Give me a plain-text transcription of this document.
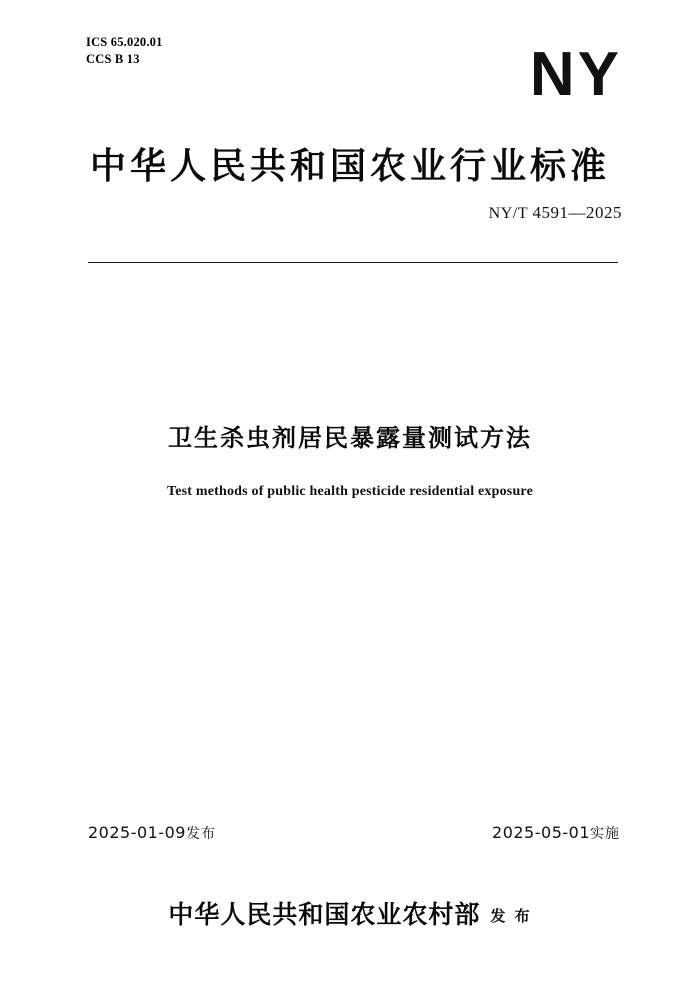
ICS 65.020.01
CCS B 13	NY
中华人民共和国农业行业标准
NY/T 4591—2025
卫生杀虫剂居民暴露量测试方法
Test methods of public health pesticide residential exposure
2025-01-09发布	2025-05-01实施
中华人民共和国农业农村部 发 布
